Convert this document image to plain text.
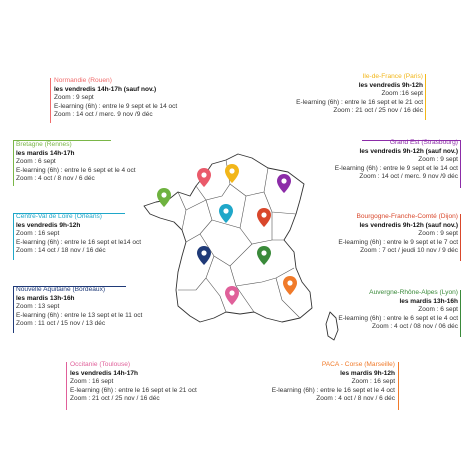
Normandie (Rouen)
les vendredis 14h-17h (sauf nov.)
Zoom : 9 sept
E-learning (6h) : entre le 9 sept et le 14 oct
Zoom : 14 oct / merc. 9 nov /9 déc
Ile-de-France (Paris)
les vendredis 9h-12h
Zoom :16 sept
E-learning (6h) : entre le 16 sept et le 21 oct
Zoom : 21 oct / 25 nov / 16 déc
Bretagne (Rennes)
les mardis 14h-17h
Zoom : 6 sept
E-learning (6h) : entre le 6 sept et le 4 oct
Zoom : 4 oct / 8 nov / 6 déc
Grand Est (Strasbourg)
les vendredis 9h-12h (sauf nov.)
Zoom : 9 sept
E-learning (6h) : entre le 9 sept et le 14 oct
Zoom : 14 oct / merc. 9 nov /9 déc
Centre-Val de Loire (Orléans)
les vendredis 9h-12h
Zoom : 16 sept
E-learning (6h) : entre le 16 sept et le14 oct
Zoom : 14 oct / 18 nov / 16 déc
Bourgogne-Franche-Comté (Dijon)
les vendredis 9h-12h (sauf nov.)
Zoom : 9 sept
E-learning (6h) : entre le 9 sept et le 7 oct
Zoom : 7 oct / jeudi 10 nov / 9 déc
Nouvelle Aquitaine (Bordeaux)
les mardis 13h-16h
Zoom : 13 sept
E-learning (6h) : entre le 13 sept et le 11 oct
Zoom : 11 oct / 15 nov / 13 déc
Auvergne-Rhône-Alpes (Lyon)
les mardis 13h-16h
Zoom : 6 sept
E-learning (6h) : entre le 6 sept et le 4 oct
Zoom : 4 oct / 08 nov / 06 déc
Occitanie (Toulouse)
les vendredis 14h-17h
Zoom : 16 sept
E-learning (6h) : entre le 16 sept et le 21 oct
Zoom : 21 oct / 25 nov / 16 déc
PACA - Corse (Marseille)
les mardis 9h-12h
Zoom : 16 sept
E-learning (6h) : entre le 16 sept et le 4 oct
Zoom : 4 oct / 8 nov / 6 déc
